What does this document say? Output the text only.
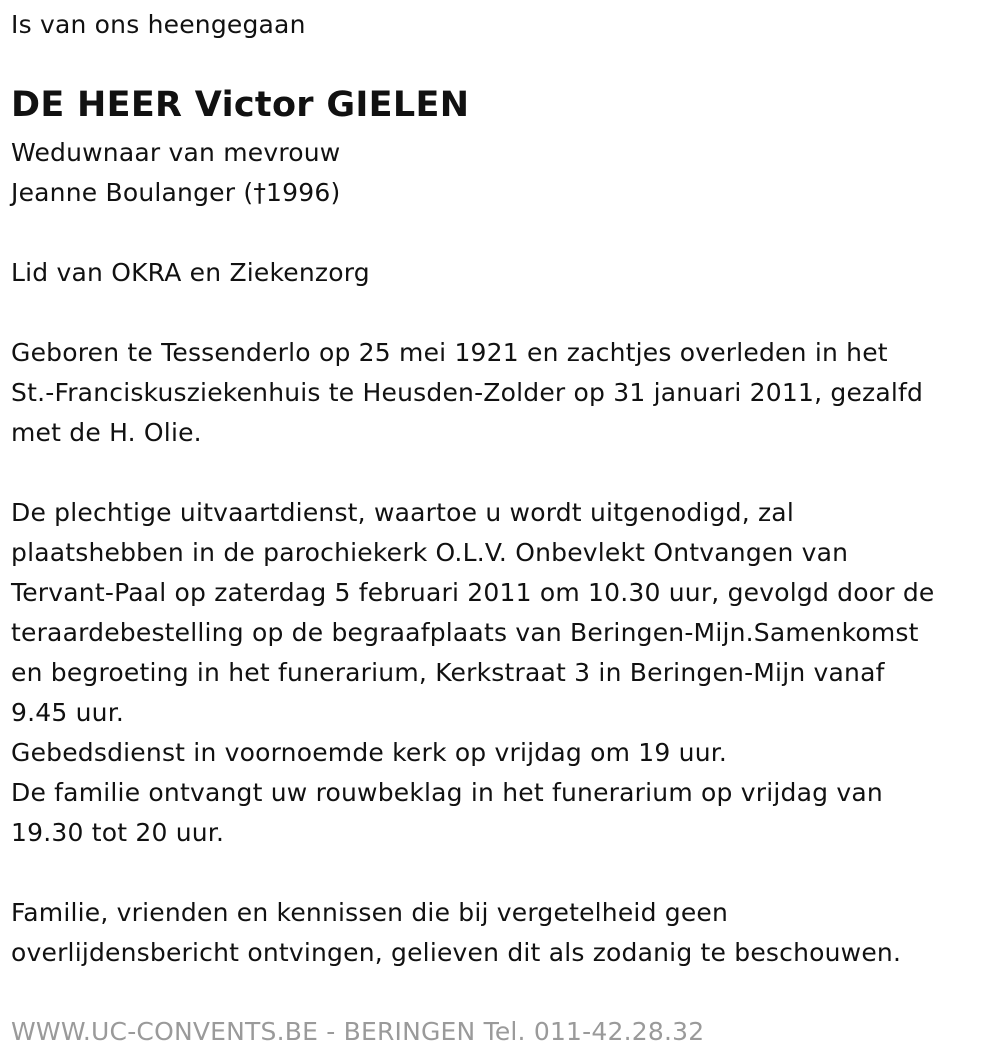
Is van ons heengegaan
DE HEER Victor GIELEN
Weduwnaar van mevrouw
Jeanne Boulanger (†1996)
Lid van OKRA en Ziekenzorg
Geboren te Tessenderlo op 25 mei 1921 en zachtjes overleden in het
St.-Franciskusziekenhuis te Heusden-Zolder op 31 januari 2011, gezalfd
met de H. Olie.
De plechtige uitvaartdienst, waartoe u wordt uitgenodigd, zal
plaatshebben in de parochiekerk O.L.V. Onbevlekt Ontvangen van
Tervant-Paal op zaterdag 5 februari 2011 om 10.30 uur, gevolgd door de
teraardebestelling op de begraafplaats van Beringen-Mijn.Samenkomst
en begroeting in het funerarium, Kerkstraat 3 in Beringen-Mijn vanaf
9.45 uur.
Gebedsdienst in voornoemde kerk op vrijdag om 19 uur.
De familie ontvangt uw rouwbeklag in het funerarium op vrijdag van
19.30 tot 20 uur.
Familie, vrienden en kennissen die bij vergetelheid geen
overlijdensbericht ontvingen, gelieven dit als zodanig te beschouwen.
WWW.UC-CONVENTS.BE - BERINGEN Tel. 011-42.28.32
